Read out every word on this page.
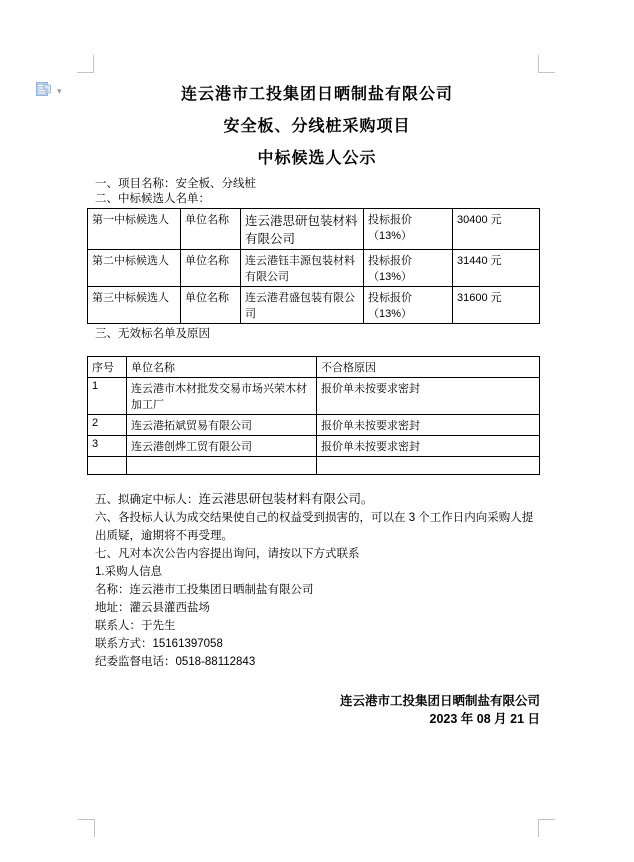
▾	连云港市工投集团日晒制盐有限公司
安全板、分线桩采购项目
中标候选人公示
一、项目名称：安全板、分线桩
二、中标候选人名单：
第一中标候选人	单位名称	连云港思研包装材料有限公司	投标报价（13%）	30400 元
第二中标候选人	单位名称	连云港钰丰源包装材料有限公司	投标报价（13%）	31440 元
第三中标候选人	单位名称	连云港君盛包装有限公司	投标报价（13%）	31600 元
三、无效标名单及原因
序号	单位名称	不合格原因
1	连云港市木材批发交易市场兴荣木材加工厂	报价单未按要求密封
2	连云港拓斌贸易有限公司	报价单未按要求密封
3	连云港创烨工贸有限公司	报价单未按要求密封

五、拟确定中标人：连云港思研包装材料有限公司。

六、各投标人认为成交结果使自己的权益受到损害的，可以在 3 个工作日内向采购人提出质疑，逾期将不再受理。

七、凡对本次公告内容提出询问，请按以下方式联系

1.采购人信息

名称：连云港市工投集团日晒制盐有限公司

地址：灌云县灌西盐场

联系人：于先生

联系方式：15161397058

纪委监督电话：0518-88112843

连云港市工投集团日晒制盐有限公司
2023 年 08 月 21 日
